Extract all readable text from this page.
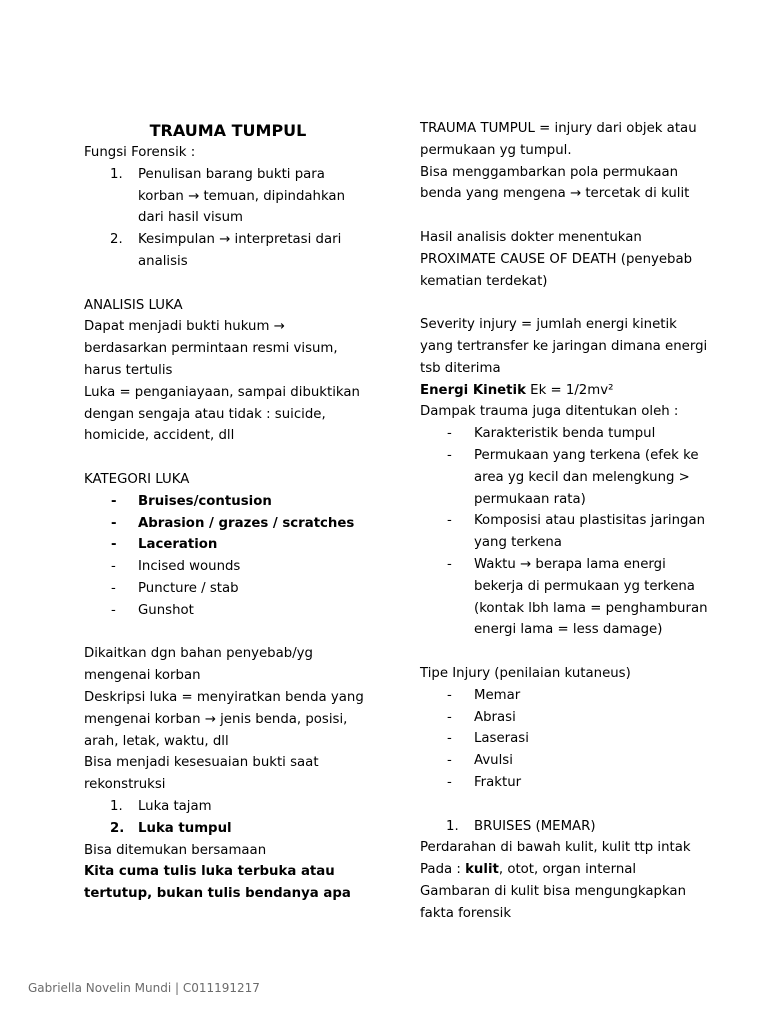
TRAUMA TUMPUL
Fungsi Forensik :
1. Penulisan barang bukti para
korban → temuan, dipindahkan
dari hasil visum
2. Kesimpulan → interpretasi dari
analisis
ANALISIS LUKA
Dapat menjadi bukti hukum →
berdasarkan permintaan resmi visum,
harus tertulis
Luka = penganiayaan, sampai dibuktikan
dengan sengaja atau tidak : suicide,
homicide, accident, dll
KATEGORI LUKA
-	Bruises/contusion
-	Abrasion / grazes / scratches
-	Laceration
-	Incised wounds
-	Puncture / stab
-	Gunshot
Dikaitkan dgn bahan penyebab/yg
mengenai korban
Deskripsi luka = menyiratkan benda yang
mengenai korban → jenis benda, posisi,
arah, letak, waktu, dll
Bisa menjadi kesesuaian bukti saat
rekonstruksi
1.	Luka tajam
2.	Luka tumpul
Bisa ditemukan bersamaan
Kita cuma tulis luka terbuka atau
tertutup, bukan tulis bendanya apa
TRAUMA TUMPUL = injury dari objek atau
permukaan yg tumpul.
Bisa menggambarkan pola permukaan
benda yang mengena → tercetak di kulit
Hasil analisis dokter menentukan
PROXIMATE CAUSE OF DEATH (penyebab
kematian terdekat)
Severity injury = jumlah energi kinetik
yang tertransfer ke jaringan dimana energi
tsb diterima
Energi Kinetik Ek = 1/2mv²
Dampak trauma juga ditentukan oleh :
- Karakteristik benda tumpul
- Permukaan yang terkena (efek ke
area yg kecil dan melengkung >
permukaan rata)
- Komposisi atau plastisitas jaringan
yang terkena
- Waktu → berapa lama energi
bekerja di permukaan yg terkena
(kontak lbh lama = penghamburan
energi lama = less damage)
Tipe Injury (penilaian kutaneus)
-	Memar
-	Abrasi
-	Laserasi
-	Avulsi
-	Fraktur
1.	BRUISES (MEMAR)
Perdarahan di bawah kulit, kulit ttp intak
Pada : kulit, otot, organ internal
Gambaran di kulit bisa mengungkapkan
fakta forensik
Gabriella Novelin Mundi | C011191217
